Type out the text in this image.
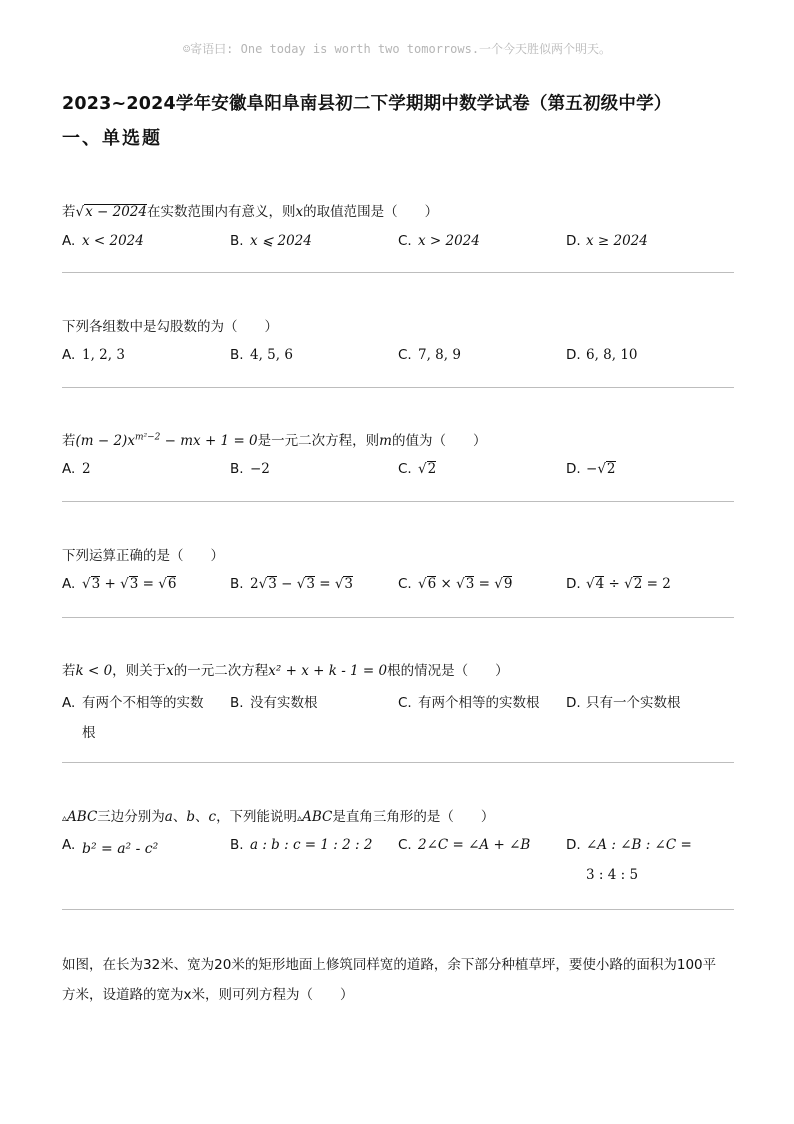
☺寄语曰: One today is worth two tomorrows.一个今天胜似两个明天。
2023~2024学年安徽阜阳阜南县初二下学期期中数学试卷（第五初级中学）
一、单选题
若√x − 2024在实数范围内有意义，则x的取值范围是（　　）
A. x < 2024	B. x ⩽ 2024	C. x > 2024	D. x ≥ 2024
下列各组数中是勾股数的为（　　）
A. 1, 2, 3	B. 4, 5, 6	C. 7, 8, 9	D. 6, 8, 10
若$(m - 2)x^{m^2-2}$ − mx + 1 = 0是一元二次方程，则m的值为（　　）
A. 2	B. −2	C. √2	D. −√2
下列运算正确的是（　　）
A. √3 + √3 = √6	B. 2√3 − √3 = √3	C. √6 × √3 = √9	D. √4 ÷ √2 = 2
若k < 0，则关于x的一元二次方程x² + x + k - 1 = 0根的情况是（　　）
A. 有两个不相等的实数
根
B. 没有实数根	C. 有两个相等的实数根 D. 只有一个实数根
▵ABC三边分别为a、b、c，下列能说明▵ABC是直角三角形的是（　　）
A. b² = a² - c²	B. a : b : c = 1 : 2 : 2 C. 2∠C = ∠A + ∠B	D. ∠A : ∠B : ∠C =
3 : 4 : 5
如图，在长为32米、宽为20米的矩形地面上修筑同样宽的道路，余下部分种植草坪，要使小路的面积为100平
方米，设道路的宽为x米，则可列方程为（　　）
